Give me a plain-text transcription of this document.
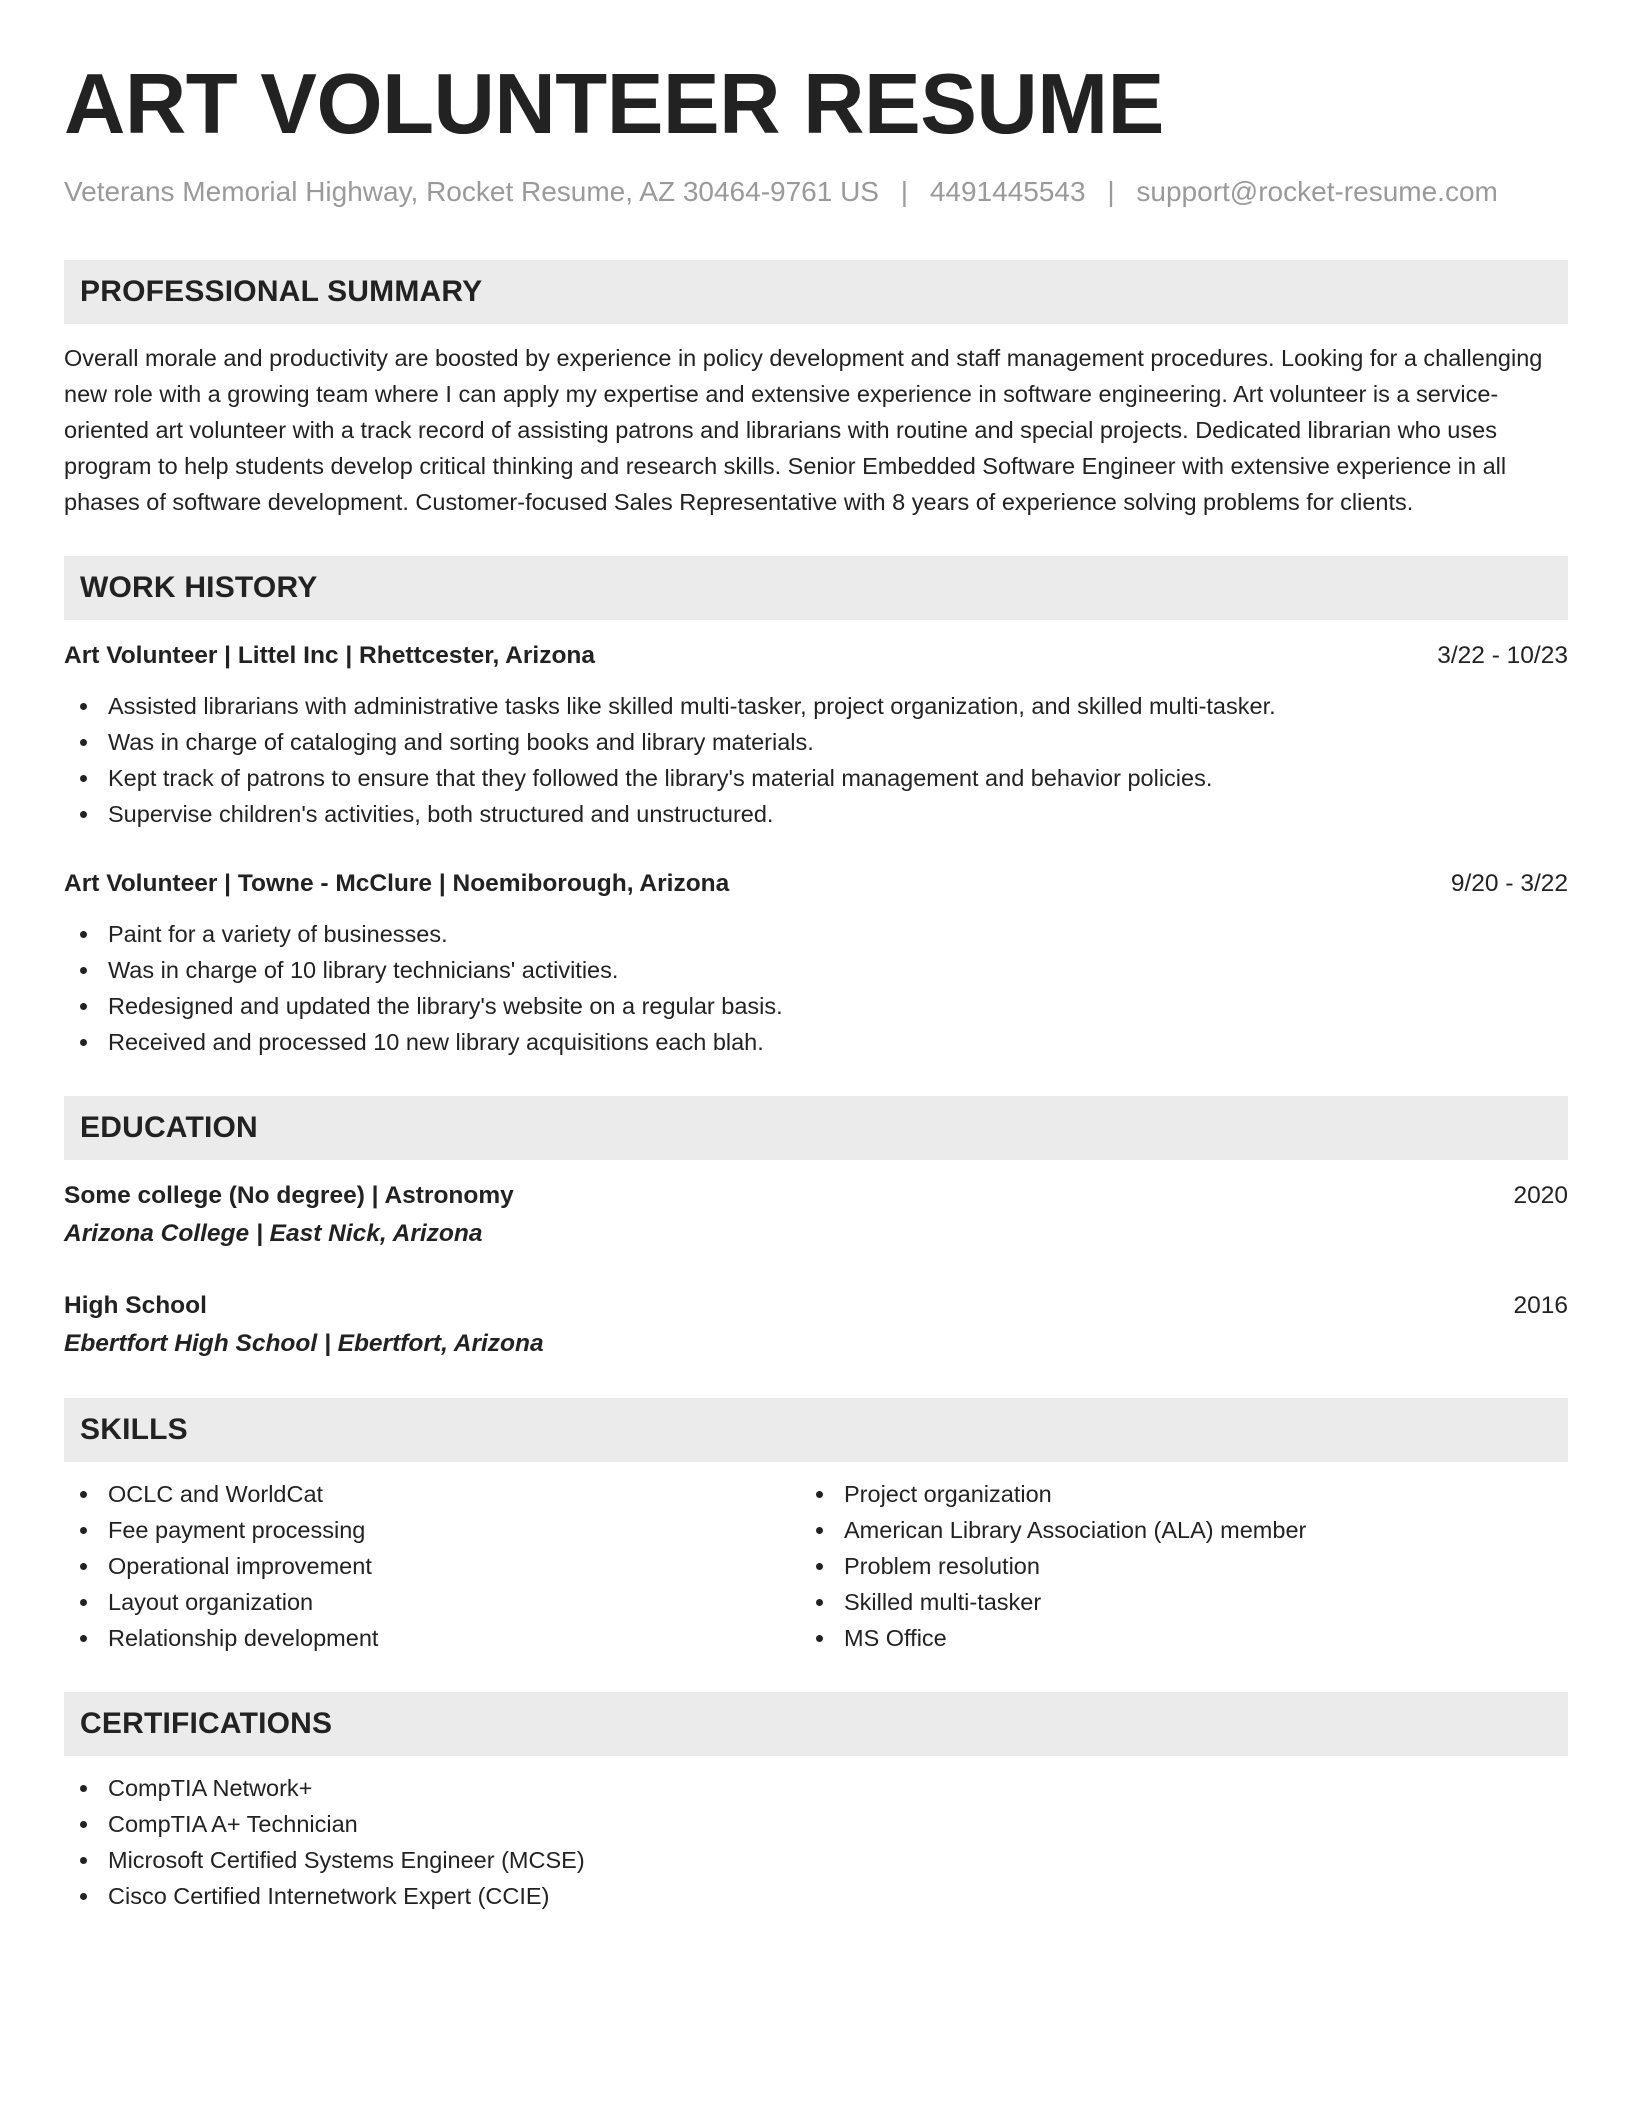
ART VOLUNTEER RESUME
Veterans Memorial Highway, Rocket Resume, AZ 30464-9761 US | 4491445543 | support@rocket-resume.com
PROFESSIONAL SUMMARY
Overall morale and productivity are boosted by experience in policy development and staff management procedures. Looking for a challenging new role with a growing team where I can apply my expertise and extensive experience in software engineering. Art volunteer is a service-oriented art volunteer with a track record of assisting patrons and librarians with routine and special projects. Dedicated librarian who uses program to help students develop critical thinking and research skills. Senior Embedded Software Engineer with extensive experience in all phases of software development. Customer-focused Sales Representative with 8 years of experience solving problems for clients.
WORK HISTORY
Art Volunteer | Littel Inc | Rhettcester, Arizona	3/22 - 10/23
Assisted librarians with administrative tasks like skilled multi-tasker, project organization, and skilled multi-tasker.
Was in charge of cataloging and sorting books and library materials.
Kept track of patrons to ensure that they followed the library's material management and behavior policies.
Supervise children's activities, both structured and unstructured.
Art Volunteer | Towne - McClure | Noemiborough, Arizona	9/20 - 3/22
Paint for a variety of businesses.
Was in charge of 10 library technicians' activities.
Redesigned and updated the library's website on a regular basis.
Received and processed 10 new library acquisitions each blah.
EDUCATION
Some college (No degree) | Astronomy	2020
Arizona College | East Nick, Arizona
High School	2016
Ebertfort High School | Ebertfort, Arizona
SKILLS
OCLC and WorldCat
Fee payment processing
Operational improvement
Layout organization
Relationship development
Project organization
American Library Association (ALA) member
Problem resolution
Skilled multi-tasker
MS Office
CERTIFICATIONS
CompTIA Network+
CompTIA A+ Technician
Microsoft Certified Systems Engineer (MCSE)
Cisco Certified Internetwork Expert (CCIE)
